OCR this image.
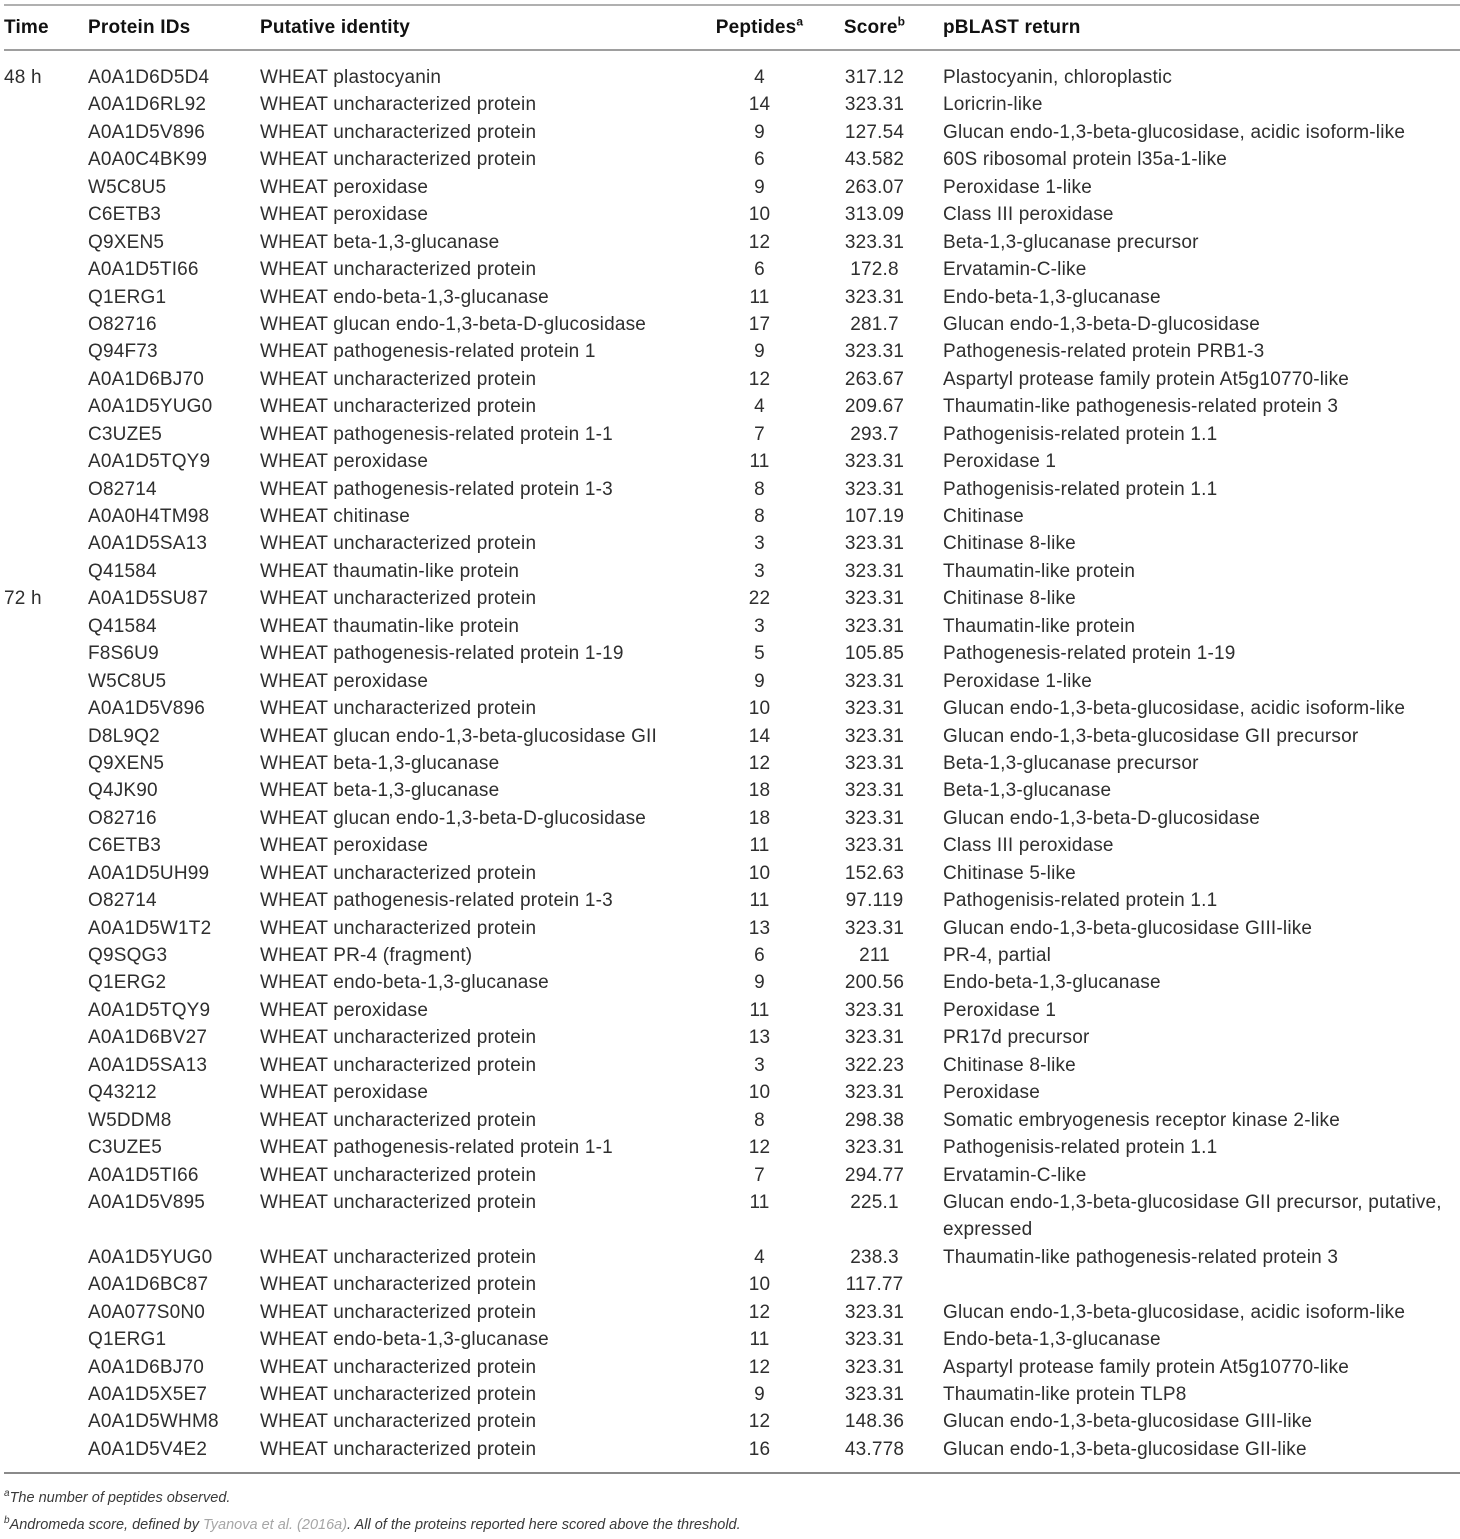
Time	Protein IDs	Putative identity	Peptides$^a$	Score$^b$	pBLAST return
48 h	A0A1D6D5D4	WHEAT plastocyanin	4	317.12	Plastocyanin, chloroplastic
	A0A1D6RL92	WHEAT uncharacterized protein	14	323.31	Loricrin-like
	A0A1D5V896	WHEAT uncharacterized protein	9	127.54	Glucan endo-1,3-beta-glucosidase, acidic isoform-like
	A0A0C4BK99	WHEAT uncharacterized protein	6	43.582	60S ribosomal protein l35a-1-like
	W5C8U5	WHEAT peroxidase	9	263.07	Peroxidase 1-like
	C6ETB3	WHEAT peroxidase	10	313.09	Class III peroxidase
	Q9XEN5	WHEAT beta-1,3-glucanase	12	323.31	Beta-1,3-glucanase precursor
	A0A1D5TI66	WHEAT uncharacterized protein	6	172.8	Ervatamin-C-like
	Q1ERG1	WHEAT endo-beta-1,3-glucanase	11	323.31	Endo-beta-1,3-glucanase
	O82716	WHEAT glucan endo-1,3-beta-D-glucosidase	17	281.7	Glucan endo-1,3-beta-D-glucosidase
	Q94F73	WHEAT pathogenesis-related protein 1	9	323.31	Pathogenesis-related protein PRB1-3
	A0A1D6BJ70	WHEAT uncharacterized protein	12	263.67	Aspartyl protease family protein At5g10770-like
	A0A1D5YUG0	WHEAT uncharacterized protein	4	209.67	Thaumatin-like pathogenesis-related protein 3
	C3UZE5	WHEAT pathogenesis-related protein 1-1	7	293.7	Pathogenisis-related protein 1.1
	A0A1D5TQY9	WHEAT peroxidase	11	323.31	Peroxidase 1
	O82714	WHEAT pathogenesis-related protein 1-3	8	323.31	Pathogenisis-related protein 1.1
	A0A0H4TM98	WHEAT chitinase	8	107.19	Chitinase
	A0A1D5SA13	WHEAT uncharacterized protein	3	323.31	Chitinase 8-like
	Q41584	WHEAT thaumatin-like protein	3	323.31	Thaumatin-like protein
72 h	A0A1D5SU87	WHEAT uncharacterized protein	22	323.31	Chitinase 8-like
	Q41584	WHEAT thaumatin-like protein	3	323.31	Thaumatin-like protein
	F8S6U9	WHEAT pathogenesis-related protein 1-19	5	105.85	Pathogenesis-related protein 1-19
	W5C8U5	WHEAT peroxidase	9	323.31	Peroxidase 1-like
	A0A1D5V896	WHEAT uncharacterized protein	10	323.31	Glucan endo-1,3-beta-glucosidase, acidic isoform-like
	D8L9Q2	WHEAT glucan endo-1,3-beta-glucosidase GII	14	323.31	Glucan endo-1,3-beta-glucosidase GII precursor
	Q9XEN5	WHEAT beta-1,3-glucanase	12	323.31	Beta-1,3-glucanase precursor
	Q4JK90	WHEAT beta-1,3-glucanase	18	323.31	Beta-1,3-glucanase
	O82716	WHEAT glucan endo-1,3-beta-D-glucosidase	18	323.31	Glucan endo-1,3-beta-D-glucosidase
	C6ETB3	WHEAT peroxidase	11	323.31	Class III peroxidase
	A0A1D5UH99	WHEAT uncharacterized protein	10	152.63	Chitinase 5-like
	O82714	WHEAT pathogenesis-related protein 1-3	11	97.119	Pathogenisis-related protein 1.1
	A0A1D5W1T2	WHEAT uncharacterized protein	13	323.31	Glucan endo-1,3-beta-glucosidase GIII-like
	Q9SQG3	WHEAT PR-4 (fragment)	6	211	PR-4, partial
	Q1ERG2	WHEAT endo-beta-1,3-glucanase	9	200.56	Endo-beta-1,3-glucanase
	A0A1D5TQY9	WHEAT peroxidase	11	323.31	Peroxidase 1
	A0A1D6BV27	WHEAT uncharacterized protein	13	323.31	PR17d precursor
	A0A1D5SA13	WHEAT uncharacterized protein	3	322.23	Chitinase 8-like
	Q43212	WHEAT peroxidase	10	323.31	Peroxidase
	W5DDM8	WHEAT uncharacterized protein	8	298.38	Somatic embryogenesis receptor kinase 2-like
	C3UZE5	WHEAT pathogenesis-related protein 1-1	12	323.31	Pathogenisis-related protein 1.1
	A0A1D5TI66	WHEAT uncharacterized protein	7	294.77	Ervatamin-C-like
	A0A1D5V895	WHEAT uncharacterized protein	11	225.1	Glucan endo-1,3-beta-glucosidase GII precursor, putative, expressed
	A0A1D5YUG0	WHEAT uncharacterized protein	4	238.3	Thaumatin-like pathogenesis-related protein 3
	A0A1D6BC87	WHEAT uncharacterized protein	10	117.77	
	A0A077S0N0	WHEAT uncharacterized protein	12	323.31	Glucan endo-1,3-beta-glucosidase, acidic isoform-like
	Q1ERG1	WHEAT endo-beta-1,3-glucanase	11	323.31	Endo-beta-1,3-glucanase
	A0A1D6BJ70	WHEAT uncharacterized protein	12	323.31	Aspartyl protease family protein At5g10770-like
	A0A1D5X5E7	WHEAT uncharacterized protein	9	323.31	Thaumatin-like protein TLP8
	A0A1D5WHM8	WHEAT uncharacterized protein	12	148.36	Glucan endo-1,3-beta-glucosidase GIII-like
	A0A1D5V4E2	WHEAT uncharacterized protein	16	43.778	Glucan endo-1,3-beta-glucosidase GII-like
$^a$The number of peptides observed.
$^b$Andromeda score, defined by Tyanova et al. (2016a). All of the proteins reported here scored above the threshold.
